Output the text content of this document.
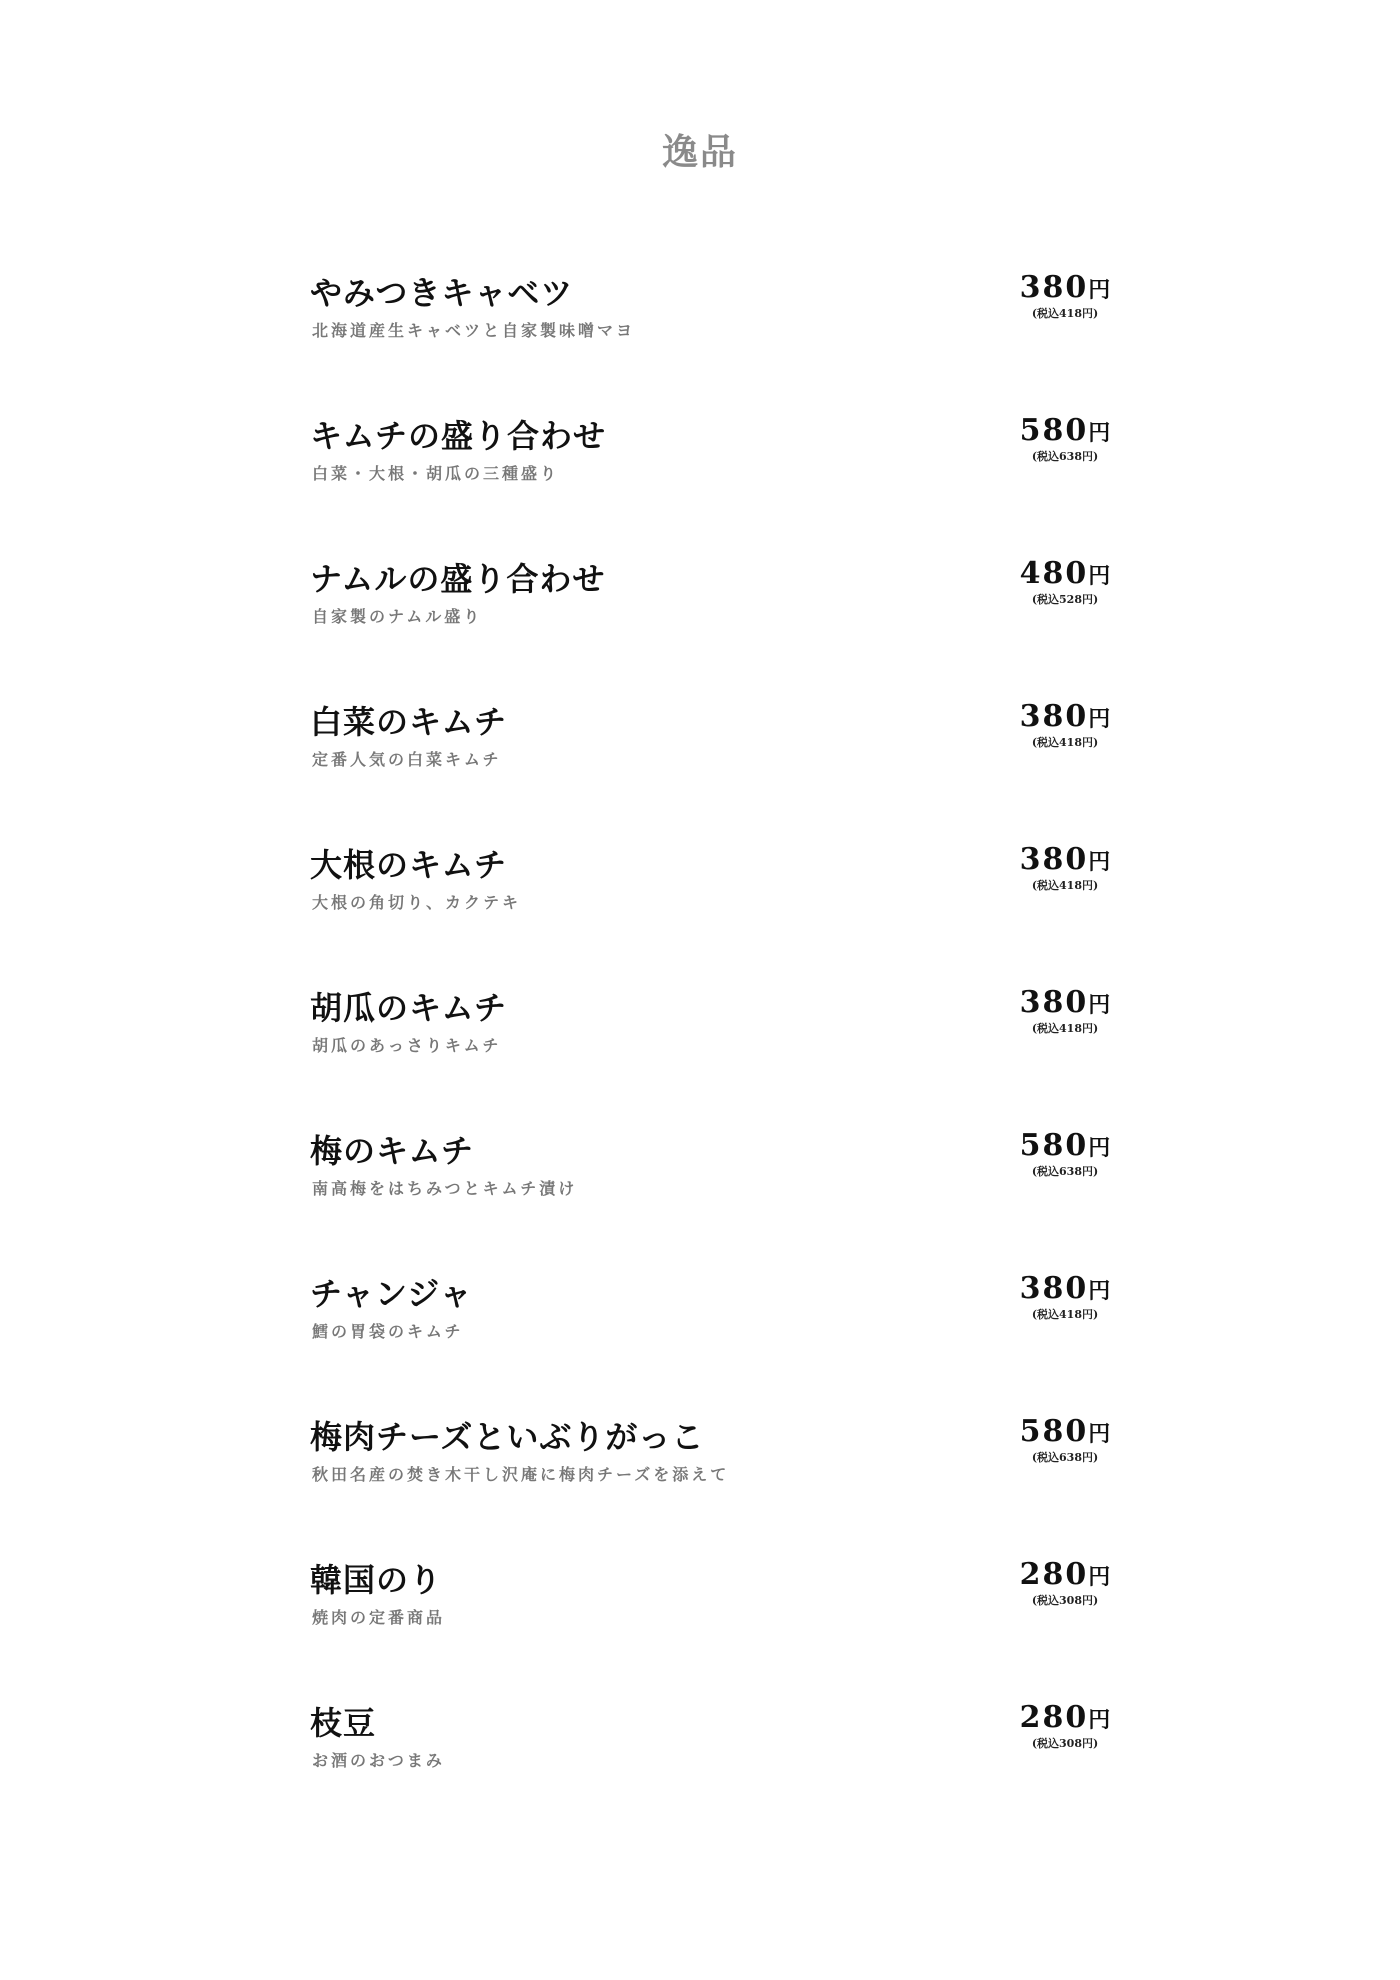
逸品
やみつきキャベツ
北海道産生キャベツと自家製味噌マヨ
380円
(税込418円)
キムチの盛り合わせ
白菜・大根・胡瓜の三種盛り
580円
(税込638円)
ナムルの盛り合わせ
自家製のナムル盛り
480円
(税込528円)
白菜のキムチ
定番人気の白菜キムチ
380円
(税込418円)
大根のキムチ
大根の角切り、カクテキ
380円
(税込418円)
胡瓜のキムチ
胡瓜のあっさりキムチ
380円
(税込418円)
梅のキムチ
南高梅をはちみつとキムチ漬け
580円
(税込638円)
チャンジャ
鱈の胃袋のキムチ
380円
(税込418円)
梅肉チーズといぶりがっこ
秋田名産の焚き木干し沢庵に梅肉チーズを添えて
580円
(税込638円)
韓国のり
焼肉の定番商品
280円
(税込308円)
枝豆
お酒のおつまみ
280円
(税込308円)
